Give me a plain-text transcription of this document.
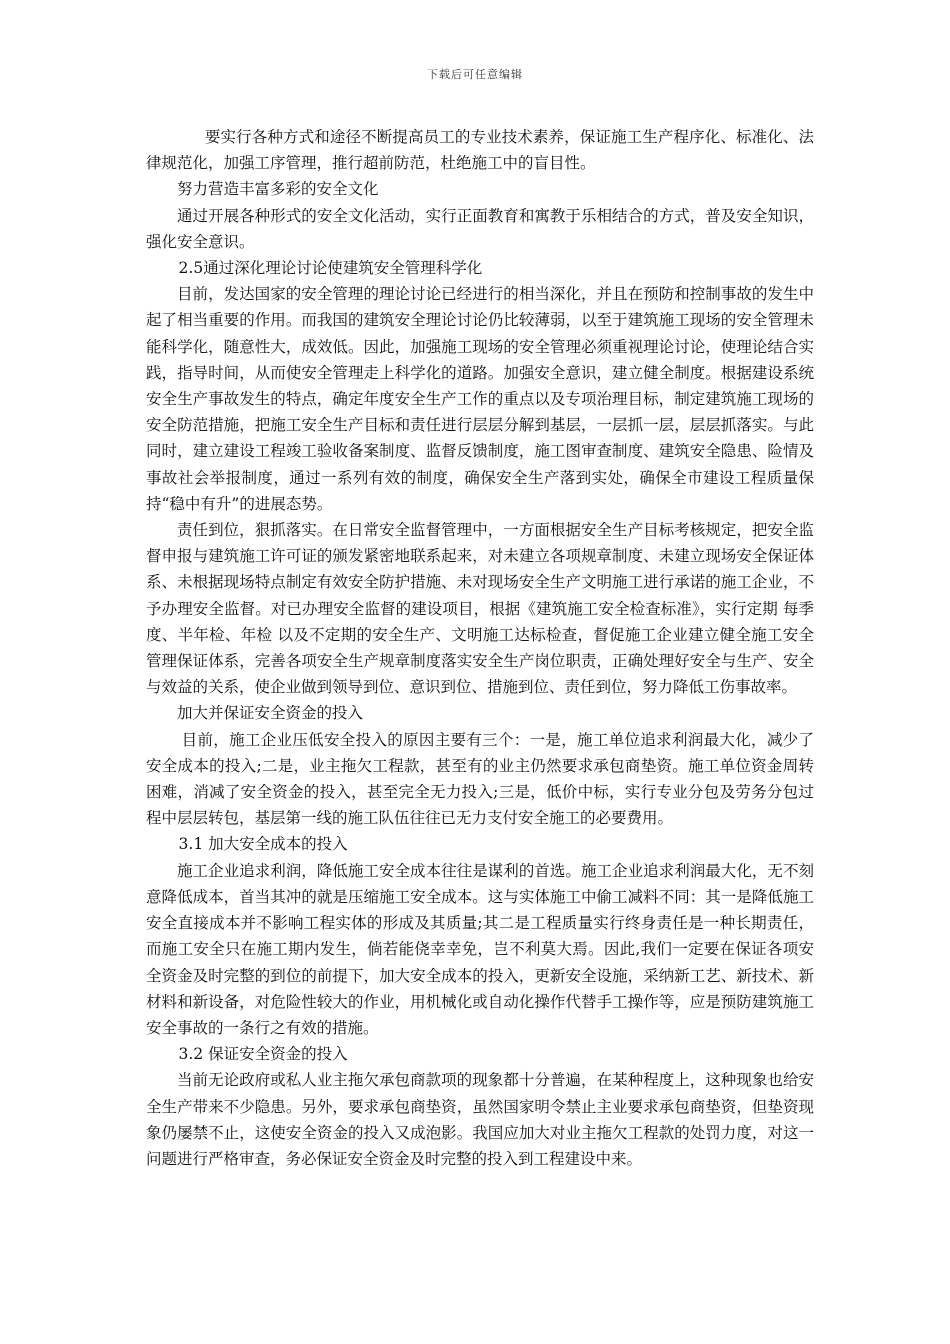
下载后可任意编辑

要实行各种方式和途径不断提高员工的专业技术素养，保证施工生产程序化、标准化、法律规范化，加强工序管理，推行超前防范，杜绝施工中的盲目性。

努力营造丰富多彩的安全文化

通过开展各种形式的安全文化活动，实行正面教育和寓教于乐相结合的方式，普及安全知识，强化安全意识。

2.5通过深化理论讨论使建筑安全管理科学化

目前，发达国家的安全管理的理论讨论已经进行的相当深化，并且在预防和控制事故的发生中起了相当重要的作用。而我国的建筑安全理论讨论仍比较薄弱，以至于建筑施工现场的安全管理未能科学化，随意性大，成效低。因此，加强施工现场的安全管理必须重视理论讨论，使理论结合实践，指导时间，从而使安全管理走上科学化的道路。加强安全意识，建立健全制度。根据建设系统安全生产事故发生的特点，确定年度安全生产工作的重点以及专项治理目标，制定建筑施工现场的安全防范措施，把施工安全生产目标和责任进行层层分解到基层，一层抓一层，层层抓落实。与此同时，建立建设工程竣工验收备案制度、监督反馈制度，施工图审查制度、建筑安全隐患、险情及事故社会举报制度，通过一系列有效的制度，确保安全生产落到实处，确保全市建设工程质量保持“稳中有升”的进展态势。

责任到位，狠抓落实。在日常安全监督管理中，一方面根据安全生产目标考核规定，把安全监督申报与建筑施工许可证的颁发紧密地联系起来，对未建立各项规章制度、未建立现场安全保证体系、未根据现场特点制定有效安全防护措施、未对现场安全生产文明施工进行承诺的施工企业，不予办理安全监督。对已办理安全监督的建设项目，根据《建筑施工安全检查标准》，实行定期 每季度、半年检、年检 以及不定期的安全生产、文明施工达标检查，督促施工企业建立健全施工安全管理保证体系，完善各项安全生产规章制度落实安全生产岗位职责，正确处理好安全与生产、安全与效益的关系，使企业做到领导到位、意识到位、措施到位、责任到位，努力降低工伤事故率。

加大并保证安全资金的投入

目前，施工企业压低安全投入的原因主要有三个：一是，施工单位追求利润最大化，减少了安全成本的投入;二是，业主拖欠工程款，甚至有的业主仍然要求承包商垫资。施工单位资金周转困难，消减了安全资金的投入，甚至完全无力投入;三是，低价中标，实行专业分包及劳务分包过程中层层转包，基层第一线的施工队伍往往已无力支付安全施工的必要费用。

3.1 加大安全成本的投入

施工企业追求利润，降低施工安全成本往往是谋利的首选。施工企业追求利润最大化，无不刻意降低成本，首当其冲的就是压缩施工安全成本。这与实体施工中偷工减料不同：其一是降低施工安全直接成本并不影响工程实体的形成及其质量;其二是工程质量实行终身责任是一种长期责任，而施工安全只在施工期内发生，倘若能侥幸幸免，岂不利莫大焉。因此,我们一定要在保证各项安全资金及时完整的到位的前提下，加大安全成本的投入，更新安全设施，采纳新工艺、新技术、新材料和新设备，对危险性较大的作业，用机械化或自动化操作代替手工操作等，应是预防建筑施工安全事故的一条行之有效的措施。

3.2 保证安全资金的投入

当前无论政府或私人业主拖欠承包商款项的现象都十分普遍，在某种程度上，这种现象也给安全生产带来不少隐患。另外，要求承包商垫资，虽然国家明令禁止主业要求承包商垫资，但垫资现象仍屡禁不止，这使安全资金的投入又成泡影。我国应加大对业主拖欠工程款的处罚力度，对这一问题进行严格审查，务必保证安全资金及时完整的投入到工程建设中来。
